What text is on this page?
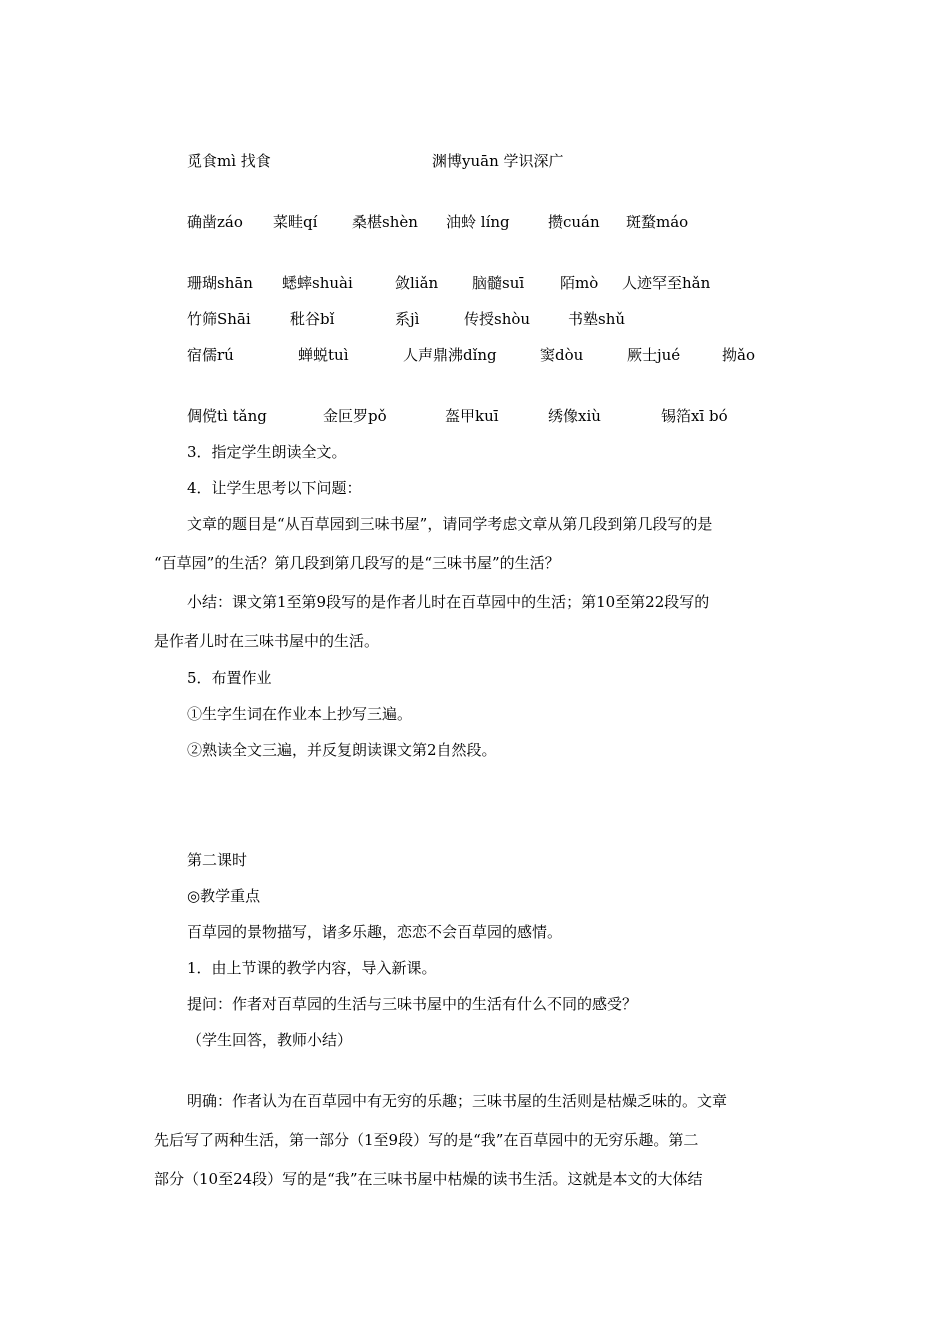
觅食mì 找食	渊博yuān 学识深广
确凿záo 菜畦qí 桑椹shèn 油蛉 líng	攒cuán 斑蝥máo
珊瑚shān 蟋蟀shuài	敛liǎn 脑髓suī 陌mò 人迹罕至hǎn
竹筛Shāi	秕谷bǐ	系jì	传授shòu	书塾shǔ
宿儒rú	蝉蜕tuì	人声鼎沸dǐng	窦dòu	厥士jué	拗ǎo
倜傥tì tǎng	金叵罗pǒ	盔甲kuī	绣像xiù	锡箔xī bó
3．指定学生朗读全文。
4．让学生思考以下问题：
文章的题目是“从百草园到三味书屋”，请同学考虑文章从第几段到第几段写的是
“百草园”的生活？第几段到第几段写的是“三味书屋”的生活？
小结：课文第1至第9段写的是作者儿时在百草园中的生活；第10至第22段写的
是作者儿时在三味书屋中的生活。
5．布置作业
①生字生词在作业本上抄写三遍。
②熟读全文三遍，并反复朗读课文第2自然段。
第二课时
◎教学重点
百草园的景物描写，诸多乐趣，恋恋不会百草园的感情。
1．由上节课的教学内容，导入新课。
提问：作者对百草园的生活与三味书屋中的生活有什么不同的感受？
（学生回答，教师小结）
明确：作者认为在百草园中有无穷的乐趣；三味书屋的生活则是枯燥乏味的。文章
先后写了两种生活，第一部分（1至9段）写的是“我”在百草园中的无穷乐趣。第二
部分（10至24段）写的是“我”在三味书屋中枯燥的读书生活。这就是本文的大体结
